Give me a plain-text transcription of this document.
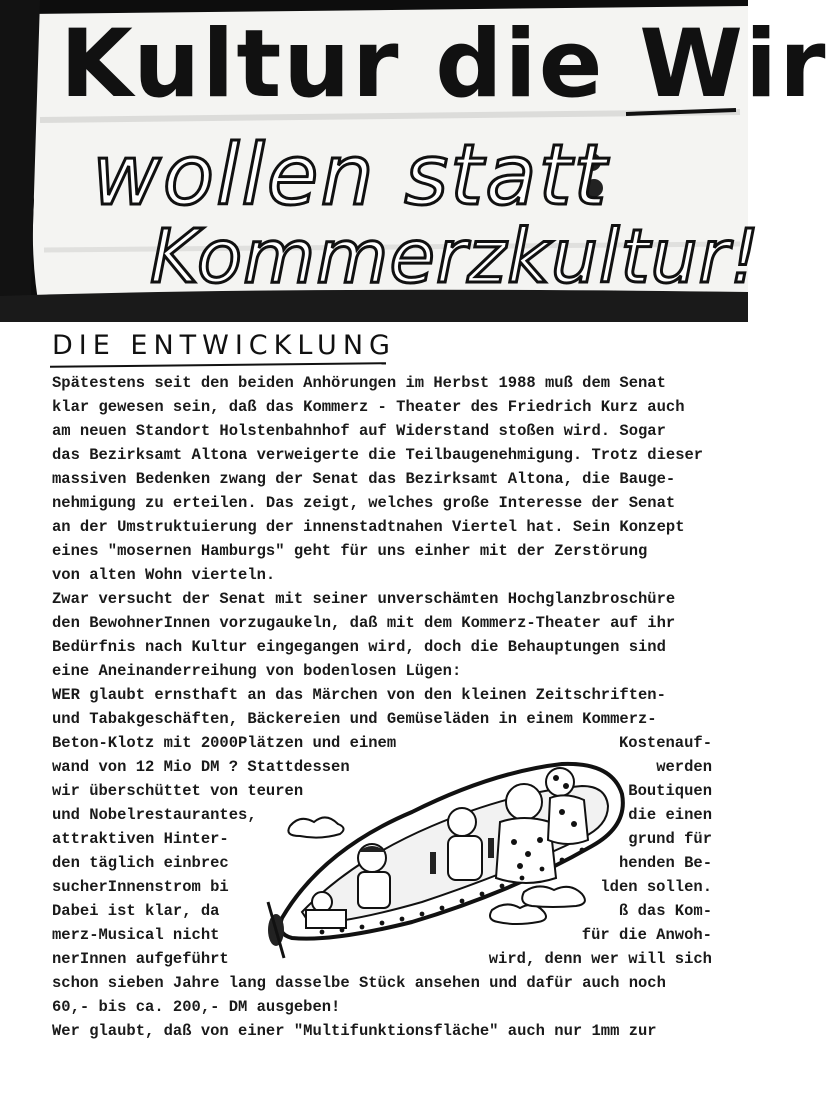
Kultur die Wir
wollen statt
Kommerzkultur!
DIE ENTWICKLUNG
Spätestens seit den beiden Anhörungen im Herbst 1988 muß dem Senat
klar gewesen sein, daß das Kommerz - Theater des Friedrich Kurz auch
am neuen Standort Holstenbahnhof auf Widerstand stoßen wird. Sogar
das Bezirksamt Altona verweigerte die Teilbaugenehmigung. Trotz dieser
massiven Bedenken zwang der Senat das Bezirksamt Altona, die Bauge-
nehmigung zu erteilen. Das zeigt, welches große Interesse der Senat
an der Umstruktuierung der innenstadtnahen Viertel hat. Sein Konzept
eines "mosernen Hamburgs" geht für uns einher mit der Zerstörung
von alten Wohn vierteln.
Zwar versucht der Senat mit seiner unverschämten Hochglanzbroschüre
den BewohnerInnen vorzugaukeln, daß mit dem Kommerz-Theater auf ihr
Bedürfnis nach Kultur eingegangen wird, doch die Behauptungen sind
eine Aneinanderreihung von bodenlosen Lügen:
WER glaubt ernsthaft an das Märchen von den kleinen Zeitschriften-
und Tabakgeschäften, Bäckereien und Gemüseläden in einem Kommerz-
Beton-Klotz mit 2000Plätzen und einem	Kostenauf-
wand von 12 Mio DM ? Stattdessen	werden
wir überschüttet von teuren	Boutiquen
und Nobelrestaurantes,	die einen
attraktiven Hinter-	grund für
den täglich einbrec	henden Be-
sucherInnenstrom bi	lden sollen.
Dabei ist klar, da	ß das Kom-
merz-Musical nicht	für die Anwoh-
nerInnen aufgeführt	wird, denn wer will sich
schon sieben Jahre lang dasselbe Stück ansehen und dafür auch noch
60,- bis ca. 200,- DM ausgeben!
Wer glaubt, daß von einer "Multifunktionsfläche" auch nur 1mm zur
